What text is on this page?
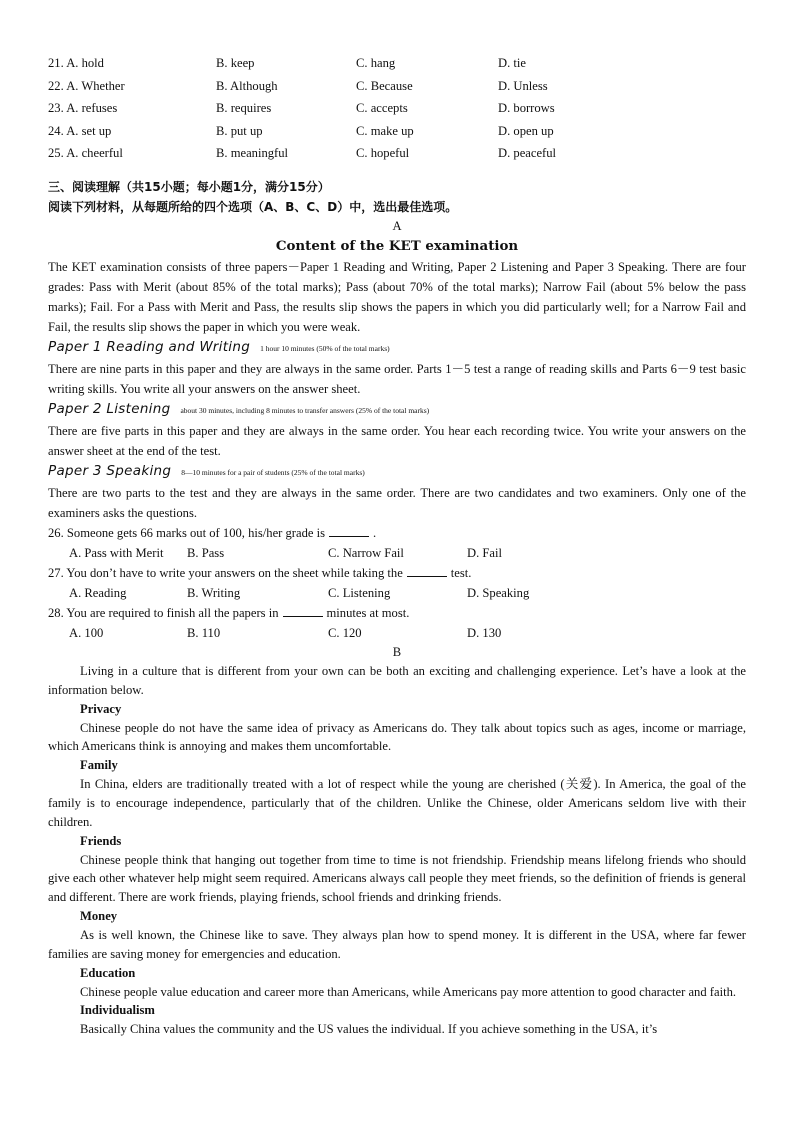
21. A. hold	B. keep	C. hang	D. tie
22. A. Whether	B. Although	C. Because	D. Unless
23. A. refuses	B. requires	C. accepts	D. borrows
24. A. set up	B. put up	C. make up	D. open up
25. A. cheerful	B. meaningful	C. hopeful	D. peaceful
三、阅读理解（共15小题；每小题1分，满分15分）
阅读下列材料，从每题所给的四个选项（A、B、C、D）中，选出最佳选项。
A
Content of the KET examination

The KET examination consists of three papers－Paper 1 Reading and Writing, Paper 2 Listening and Paper 3 Speaking. There are four grades: Pass with Merit (about 85% of the total marks); Pass (about 70% of the total marks); Narrow Fail (about 5% below the pass marks); Fail. For a Pass with Merit and Pass, the results slip shows the papers in which you did particularly well; for a Narrow Fail and Fail, the results slip shows the paper in which you were weak.

Paper 1 Reading and Writing 1 hour 10 minutes (50% of the total marks)

There are nine parts in this paper and they are always in the same order. Parts 1－5 test a range of reading skills and Parts 6－9 test basic writing skills. You write all your answers on the answer sheet.

Paper 2 Listening about 30 minutes, including 8 minutes to transfer answers (25% of the total marks)

There are five parts in this paper and they are always in the same order. You hear each recording twice. You write your answers on the answer sheet at the end of the test.

Paper 3 Speaking 8—10 minutes for a pair of students (25% of the total marks)

There are two parts to the test and they are always in the same order. There are two candidates and two examiners. Only one of the examiners asks the questions.

26. Someone gets 66 marks out of 100, his/her grade is	.
A. Pass with Merit B. Pass	C. Narrow Fail	D. Fail
27. You don’t have to write your answers on the sheet while taking the	test.
A. Reading	B. Writing	C. Listening	D. Speaking
28. You are required to finish all the papers in	minutes at most.
A. 100	B. 110	C. 120	D. 130
B

Living in a culture that is different from your own can be both an exciting and challenging experience. Let’s have a look at the information below.

Privacy

Chinese people do not have the same idea of privacy as Americans do. They talk about topics such as ages, income or marriage, which Americans think is annoying and makes them uncomfortable.

Family

In China, elders are traditionally treated with a lot of respect while the young are cherished (关爱). In America, the goal of the family is to encourage independence, particularly that of the children. Unlike the Chinese, older Americans seldom live with their children.

Friends

Chinese people think that hanging out together from time to time is not friendship. Friendship means lifelong friends who should give each other whatever help might seem required. Americans always call people they meet friends, so the definition of friends is general and different. There are work friends, playing friends, school friends and drinking friends.

Money

As is well known, the Chinese like to save. They always plan how to spend money. It is different in the USA, where far fewer families are saving money for emergencies and education.

Education

Chinese people value education and career more than Americans, while Americans pay more attention to good character and faith.

Individualism

Basically China values the community and the US values the individual. If you achieve something in the USA, it’s
